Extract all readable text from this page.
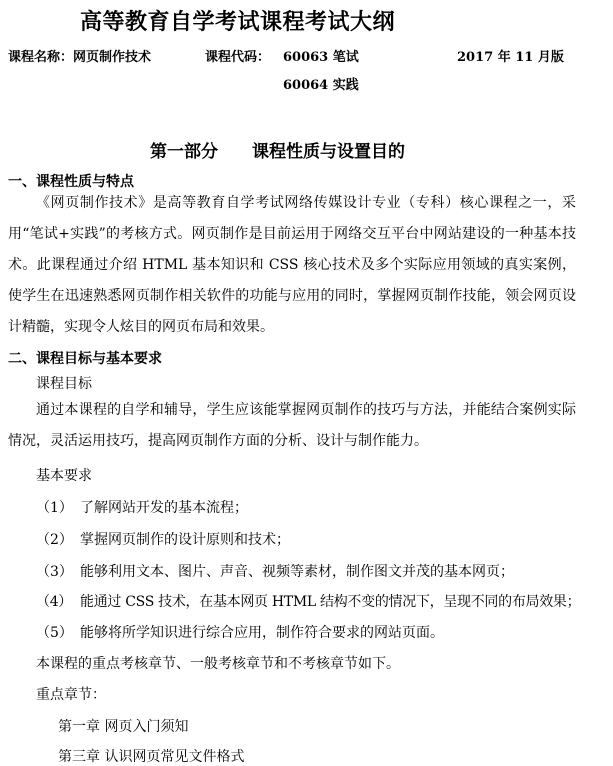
高等教育自学考试课程考试大纲
课程名称：网页制作技术	课程代码： 60063 笔试
60064 实践
2017 年 11 月版
第一部分 课程性质与设置目的
一、课程性质与特点
《网页制作技术》是高等教育自学考试网络传媒设计专业（专科）核心课程之一，采用“笔试+实践”的考核方式。网页制作是目前运用于网络交互平台中网站建设的一种基本技术。此课程通过介绍 HTML 基本知识和 CSS 核心技术及多个实际应用领域的真实案例，使学生在迅速熟悉网页制作相关软件的功能与应用的同时，掌握网页制作技能，领会网页设计精髓，实现令人炫目的网页布局和效果。
二、课程目标与基本要求
课程目标
通过本课程的自学和辅导，学生应该能掌握网页制作的技巧与方法，并能结合案例实际情况，灵活运用技巧，提高网页制作方面的分析、设计与制作能力。
基本要求
（1） 了解网站开发的基本流程；
（2） 掌握网页制作的设计原则和技术；
（3） 能够利用文本、图片、声音、视频等素材，制作图文并茂的基本网页；
（4） 能通过 CSS 技术，在基本网页 HTML 结构不变的情况下，呈现不同的布局效果；
（5） 能够将所学知识进行综合应用，制作符合要求的网站页面。
本课程的重点考核章节、一般考核章节和不考核章节如下。
重点章节：
第一章 网页入门须知
第三章 认识网页常见文件格式
